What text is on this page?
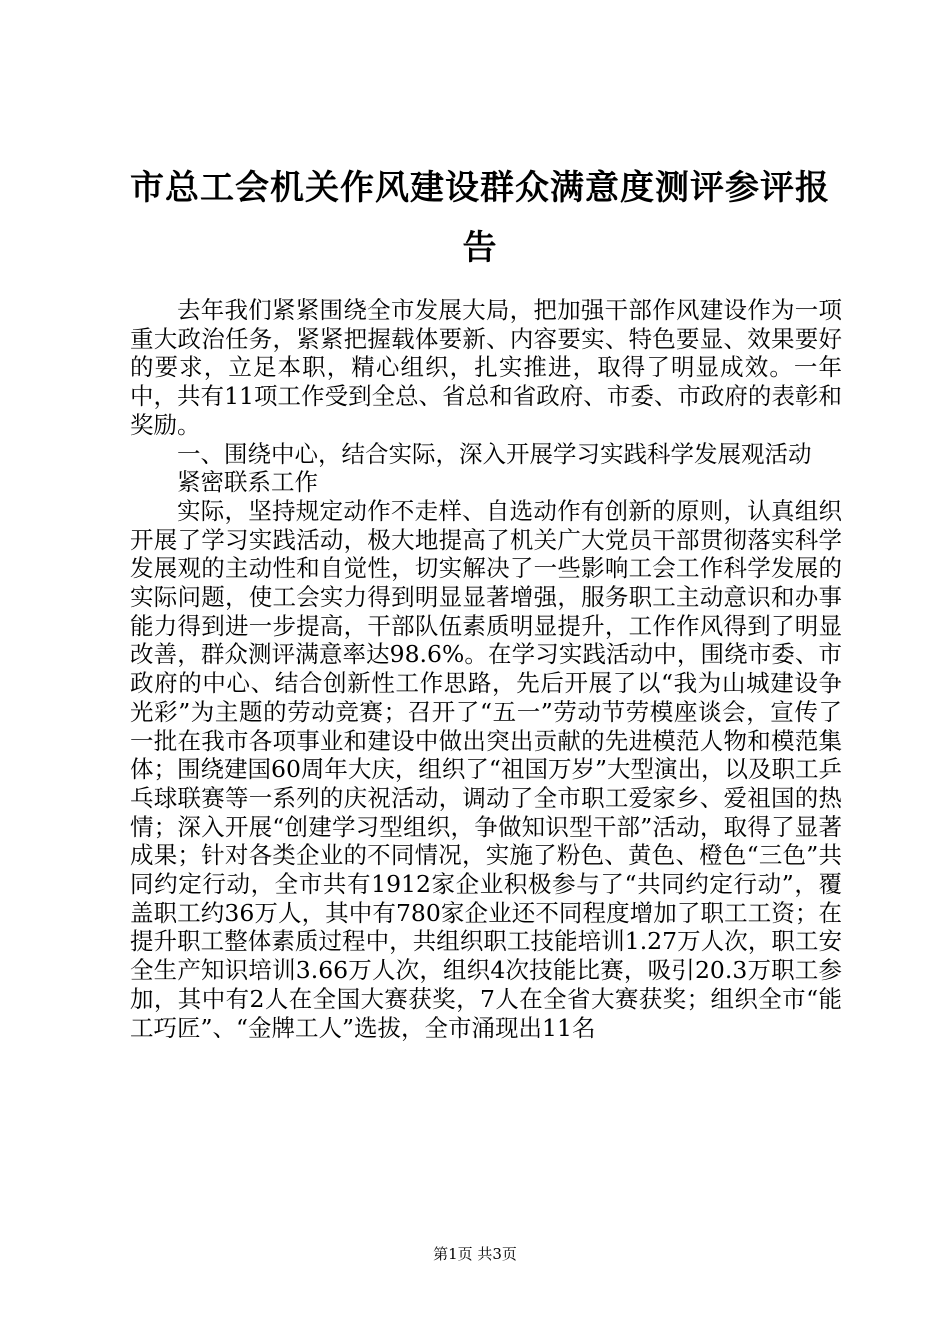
市总工会机关作风建设群众满意度测评参评报告

去年我们紧紧围绕全市发展大局，把加强干部作风建设作为一项重大政治任务，紧紧把握载体要新、内容要实、特色要显、效果要好的要求，立足本职，精心组织，扎实推进，取得了明显成效。一年中，共有11项工作受到全总、省总和省政府、市委、市政府的表彰和奖励。

一、围绕中心，结合实际，深入开展学习实践科学发展观活动

紧密联系工作

实际，坚持规定动作不走样、自选动作有创新的原则，认真组织开展了学习实践活动，极大地提高了机关广大党员干部贯彻落实科学发展观的主动性和自觉性，切实解决了一些影响工会工作科学发展的实际问题，使工会实力得到明显显著增强，服务职工主动意识和办事能力得到进一步提高，干部队伍素质明显提升，工作作风得到了明显改善，群众测评满意率达98.6%。在学习实践活动中，围绕市委、市政府的中心、结合创新性工作思路，先后开展了以“我为山城建设争光彩”为主题的劳动竞赛；召开了“五一”劳动节劳模座谈会，宣传了一批在我市各项事业和建设中做出突出贡献的先进模范人物和模范集体；围绕建国60周年大庆，组织了“祖国万岁”大型演出，以及职工乒乓球联赛等一系列的庆祝活动，调动了全市职工爱家乡、爱祖国的热情；深入开展“创建学习型组织，争做知识型干部”活动，取得了显著成果；针对各类企业的不同情况，实施了粉色、黄色、橙色“三色”共同约定行动，全市共有1912家企业积极参与了“共同约定行动”，覆盖职工约36万人，其中有780家企业还不同程度增加了职工工资；在提升职工整体素质过程中，共组织职工技能培训1.27万人次，职工安全生产知识培训3.66万人次，组织4次技能比赛，吸引20.3万职工参加，其中有2人在全国大赛获奖，7人在全省大赛获奖；组织全市“能工巧匠”、“金牌工人”选拔，全市涌现出11名

第1页 共3页
